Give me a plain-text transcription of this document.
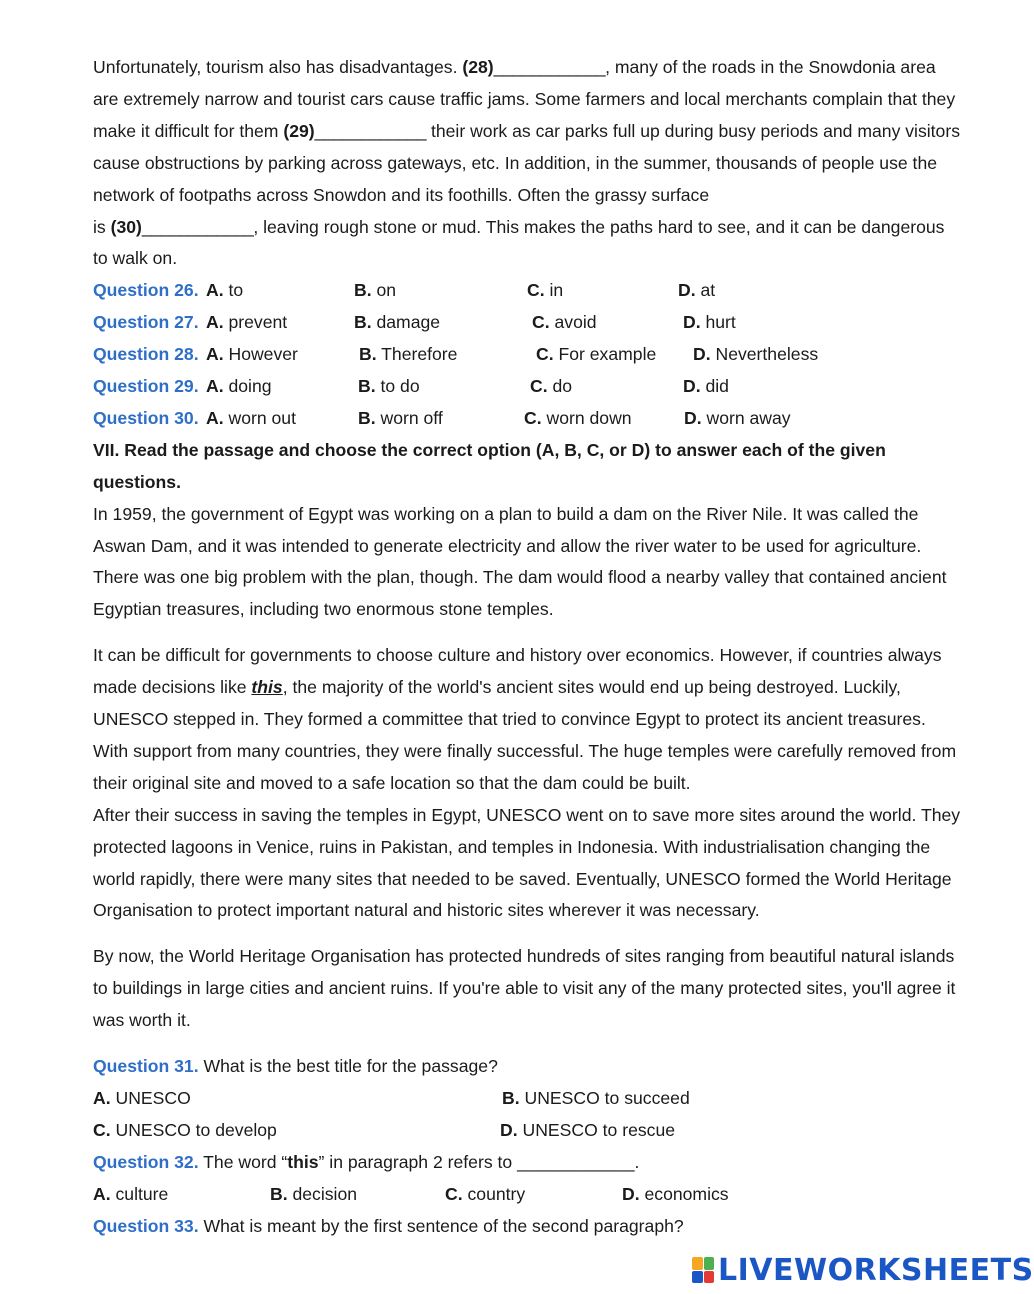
Unfortunately, tourism also has disadvantages. (28)____________, many of the roads in the Snowdonia area are extremely narrow and tourist cars cause traffic jams. Some farmers and local merchants complain that they make it difficult for them (29)____________ their work as car parks full up during busy periods and many visitors cause obstructions by parking across gateways, etc. In addition, in the summer, thousands of people use the network of footpaths across Snowdon and its foothills. Often the grassy surface
is (30)____________, leaving rough stone or mud. This makes the paths hard to see, and it can be dangerous to walk on.

Question 26. A. to	B. on	C. in	D. at
Question 27. A. prevent	B. damage	C. avoid	D. hurt
Question 28. A. However	B. Therefore	C. For example D. Nevertheless
Question 29. A. doing	B. to do	C. do	D. did
Question 30. A. worn out	B. worn off	C. worn down	D. worn away

VII. Read the passage and choose the correct option (A, B, C, or D) to answer each of the given questions.

In 1959, the government of Egypt was working on a plan to build a dam on the River Nile. It was called the Aswan Dam, and it was intended to generate electricity and allow the river water to be used for agriculture. There was one big problem with the plan, though. The dam would flood a nearby valley that contained ancient Egyptian treasures, including two enormous stone temples.

It can be difficult for governments to choose culture and history over economics. However, if countries always made decisions like this, the majority of the world's ancient sites would end up being destroyed. Luckily, UNESCO stepped in. They formed a committee that tried to convince Egypt to protect its ancient treasures. With support from many countries, they were finally successful. The huge temples were carefully removed from their original site and moved to a safe location so that the dam could be built.

After their success in saving the temples in Egypt, UNESCO went on to save more sites around the world. They protected lagoons in Venice, ruins in Pakistan, and temples in Indonesia. With industrialisation changing the world rapidly, there were many sites that needed to be saved. Eventually, UNESCO formed the World Heritage Organisation to protect important natural and historic sites wherever it was necessary.

By now, the World Heritage Organisation has protected hundreds of sites ranging from beautiful natural islands to buildings in large cities and ancient ruins. If you're able to visit any of the many protected sites, you'll agree it was worth it.

Question 31. What is the best title for the passage?

A. UNESCO	B. UNESCO to succeed
C. UNESCO to develop	D. UNESCO to rescue

Question 32. The word “this” in paragraph 2 refers to ____________.

A. culture	B. decision	C. country	D. economics

Question 33. What is meant by the first sentence of the second paragraph?

LIVEWORKSHEETS
